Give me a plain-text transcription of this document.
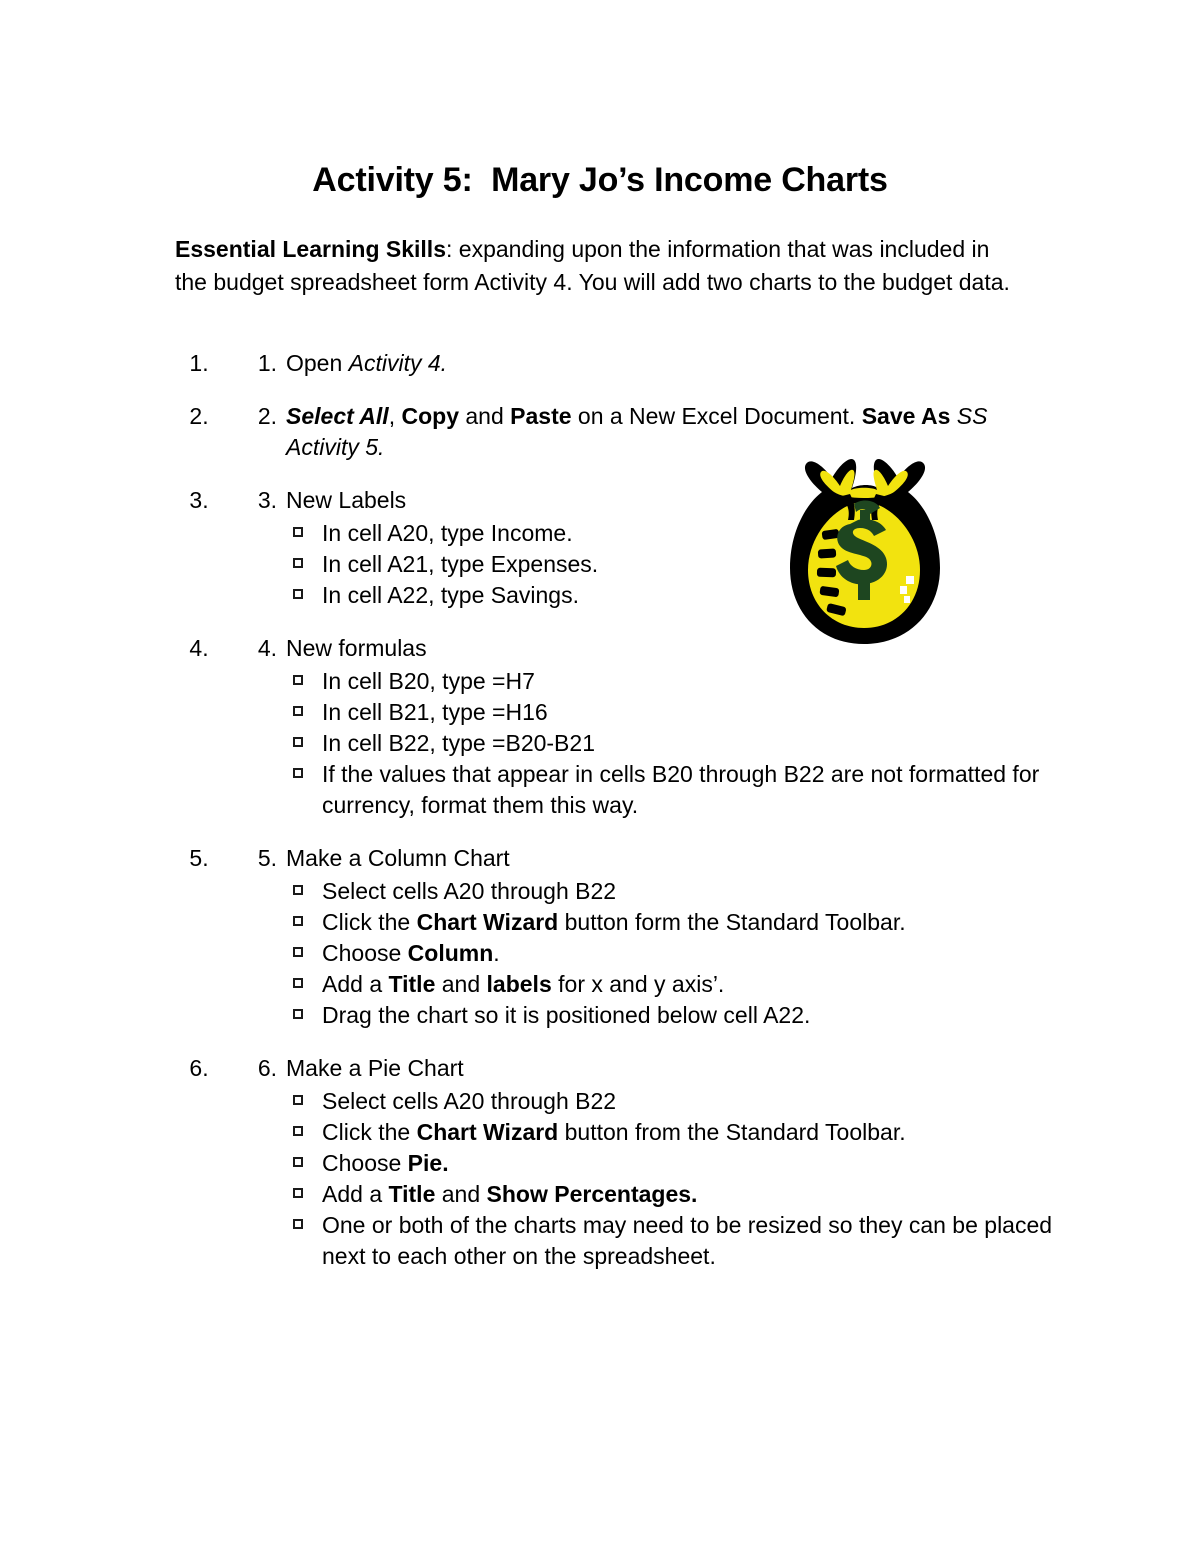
Activity 5:  Mary Jo’s Income Charts

Essential Learning Skills: expanding upon the information that was included in the budget spreadsheet form Activity 4. You will add two charts to the budget data.

1. 1. Open Activity 4.
2. 2. Select All, Copy and Paste on a New Excel Document. Save As SS Activity 5.
3. 3. New Labels
In cell A20, type Income.
In cell A21, type Expenses.
In cell A22, type Savings.
4. 4. New formulas
In cell B20, type =H7
In cell B21, type =H16
In cell B22, type =B20-B21
If the values that appear in cells B20 through B22 are not formatted for currency, format them this way.
5. 5. Make a Column Chart
Select cells A20 through B22
Click the Chart Wizard button form the Standard Toolbar.
Choose Column.
Add a Title and labels for x and y axis’.
Drag the chart so it is positioned below cell A22.
6. 6. Make a Pie Chart
Select cells A20 through B22
Click the Chart Wizard button from the Standard Toolbar.
Choose Pie.
Add a Title and Show Percentages.
One or both of the charts may need to be resized so they can be placed next to each other on the spreadsheet.
